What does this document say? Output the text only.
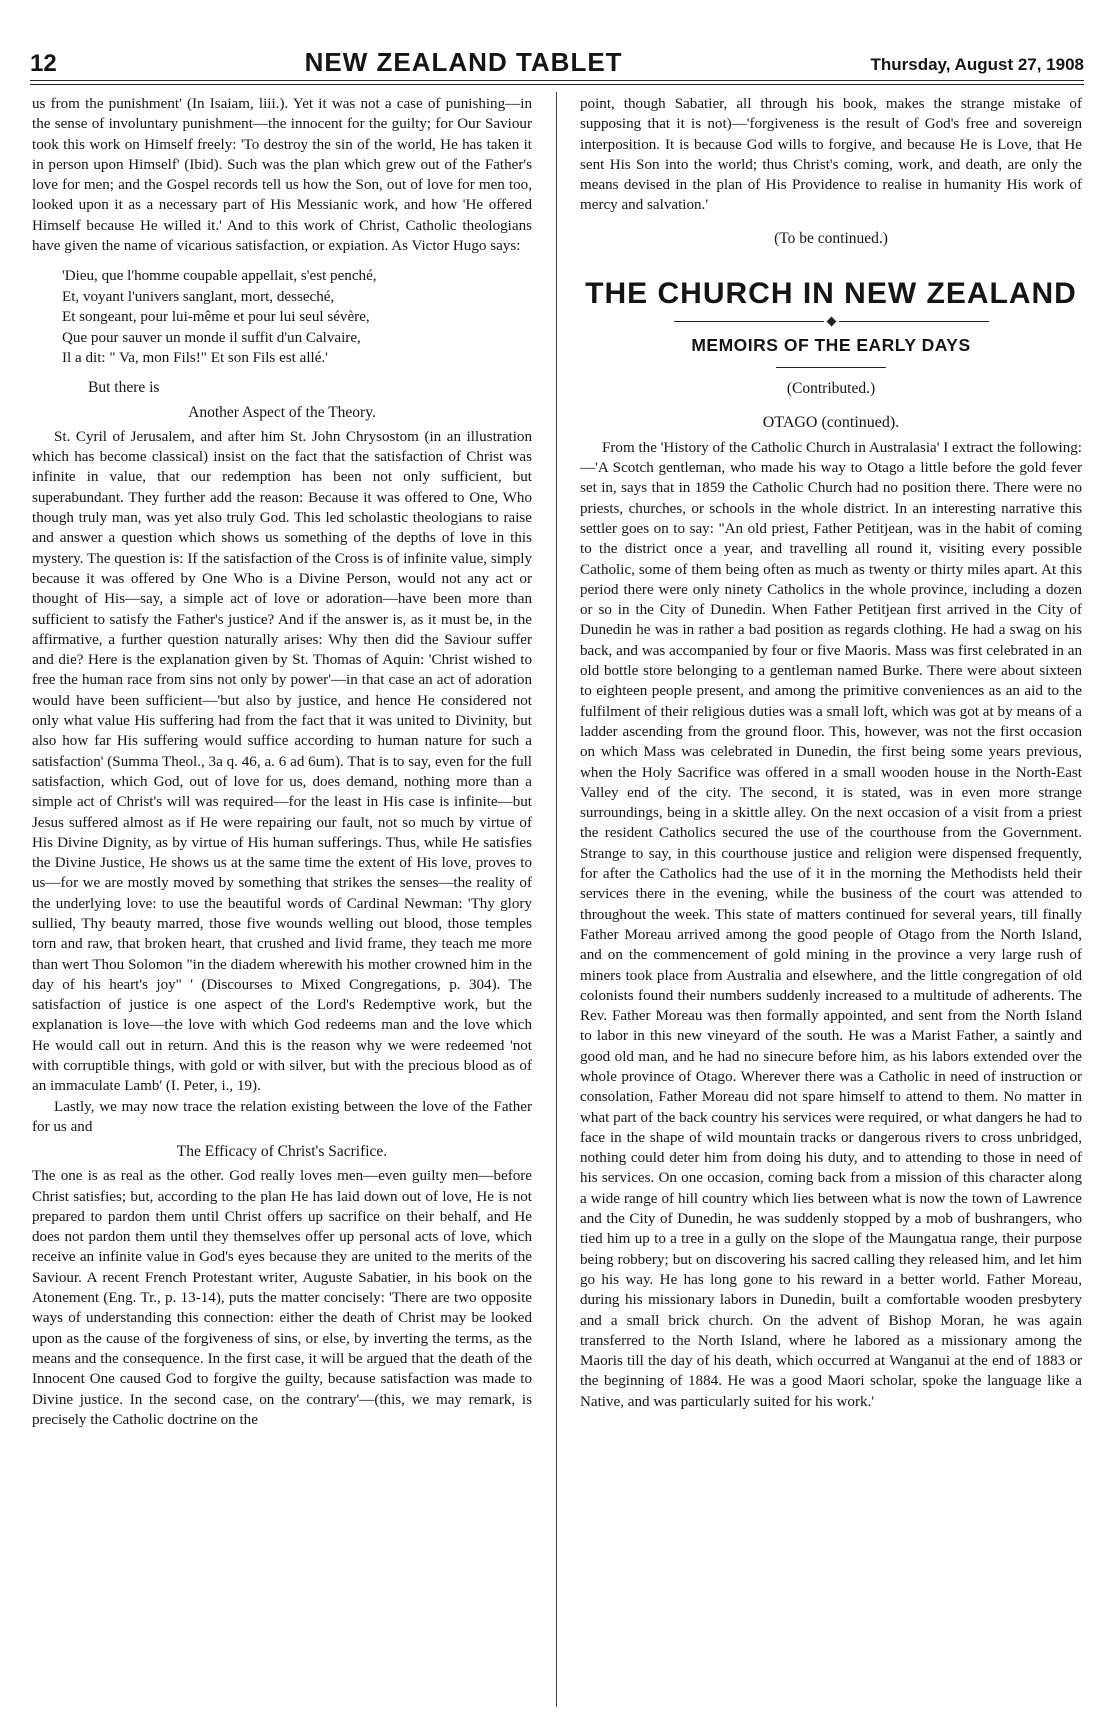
12	NEW ZEALAND TABLET	Thursday, August 27, 1908

us from the punishment' (In Isaiam, liii.). Yet it was not a case of punishing—in the sense of involuntary punishment—the innocent for the guilty; for Our Saviour took this work on Himself freely: 'To destroy the sin of the world, He has taken it in person upon Himself' (Ibid). Such was the plan which grew out of the Father's love for men; and the Gospel records tell us how the Son, out of love for men too, looked upon it as a necessary part of His Messianic work, and how 'He offered Himself because He willed it.' And to this work of Christ, Catholic theologians have given the name of vicarious satisfaction, or expiation. As Victor Hugo says:

'Dieu, que l'homme coupable appellait, s'est penché,
Et, voyant l'univers sanglant, mort, desseché,
Et songeant, pour lui-même et pour lui seul sévère,
Que pour sauver un monde il suffit d'un Calvaire,
Il a dit: " Va, mon Fils!" Et son Fils est allé.'
But there is
Another Aspect of the Theory.

St. Cyril of Jerusalem, and after him St. John Chrysostom (in an illustration which has become classical) insist on the fact that the satisfaction of Christ was infinite in value, that our redemption has been not only sufficient, but superabundant. They further add the reason: Because it was offered to One, Who though truly man, was yet also truly God. This led scholastic theologians to raise and answer a question which shows us something of the depths of love in this mystery. The question is: If the satisfaction of the Cross is of infinite value, simply because it was offered by One Who is a Divine Person, would not any act or thought of His—say, a simple act of love or adoration—have been more than sufficient to satisfy the Father's justice? And if the answer is, as it must be, in the affirmative, a further question naturally arises: Why then did the Saviour suffer and die? Here is the explanation given by St. Thomas of Aquin: 'Christ wished to free the human race from sins not only by power'—in that case an act of adoration would have been sufficient—'but also by justice, and hence He considered not only what value His suffering had from the fact that it was united to Divinity, but also how far His suffering would suffice according to human nature for such a satisfaction' (Summa Theol., 3a q. 46, a. 6 ad 6um). That is to say, even for the full satisfaction, which God, out of love for us, does demand, nothing more than a simple act of Christ's will was required—for the least in His case is infinite—but Jesus suffered almost as if He were repairing our fault, not so much by virtue of His Divine Dignity, as by virtue of His human sufferings. Thus, while He satisfies the Divine Justice, He shows us at the same time the extent of His love, proves to us—for we are mostly moved by something that strikes the senses—the reality of the underlying love: to use the beautiful words of Cardinal Newman: 'Thy glory sullied, Thy beauty marred, those five wounds welling out blood, those temples torn and raw, that broken heart, that crushed and livid frame, they teach me more than wert Thou Solomon "in the diadem wherewith his mother crowned him in the day of his heart's joy" ' (Discourses to Mixed Congregations, p. 304). The satisfaction of justice is one aspect of the Lord's Redemptive work, but the explanation is love—the love with which God redeems man and the love which He would call out in return. And this is the reason why we were redeemed 'not with corruptible things, with gold or with silver, but with the precious blood as of an immaculate Lamb' (I. Peter, i., 19).

Lastly, we may now trace the relation existing between the love of the Father for us and

The Efficacy of Christ's Sacrifice.

The one is as real as the other. God really loves men—even guilty men—before Christ satisfies; but, according to the plan He has laid down out of love, He is not prepared to pardon them until Christ offers up sacrifice on their behalf, and He does not pardon them until they themselves offer up personal acts of love, which receive an infinite value in God's eyes because they are united to the merits of the Saviour. A recent French Protestant writer, Auguste Sabatier, in his book on the Atonement (Eng. Tr., p. 13-14), puts the matter concisely: 'There are two opposite ways of understanding this connection: either the death of Christ may be looked upon as the cause of the forgiveness of sins, or else, by inverting the terms, as the means and the consequence. In the first case, it will be argued that the death of the Innocent One caused God to forgive the guilty, because satisfaction was made to Divine justice. In the second case, on the contrary'—(this, we may remark, is precisely the Catholic doctrine on the

point, though Sabatier, all through his book, makes the strange mistake of supposing that it is not)—'forgiveness is the result of God's free and sovereign interposition. It is because God wills to forgive, and because He is Love, that He sent His Son into the world; thus Christ's coming, work, and death, are only the means devised in the plan of His Providence to realise in humanity His work of mercy and salvation.'

(To be continued.)
THE CHURCH IN NEW ZEALAND
MEMOIRS OF THE EARLY DAYS
(Contributed.)
OTAGO (continued).

From the 'History of the Catholic Church in Australasia' I extract the following:—'A Scotch gentleman, who made his way to Otago a little before the gold fever set in, says that in 1859 the Catholic Church had no position there. There were no priests, churches, or schools in the whole district. In an interesting narrative this settler goes on to say: "An old priest, Father Petitjean, was in the habit of coming to the district once a year, and travelling all round it, visiting every possible Catholic, some of them being often as much as twenty or thirty miles apart. At this period there were only ninety Catholics in the whole province, including a dozen or so in the City of Dunedin. When Father Petitjean first arrived in the City of Dunedin he was in rather a bad position as regards clothing. He had a swag on his back, and was accompanied by four or five Maoris. Mass was first celebrated in an old bottle store belonging to a gentleman named Burke. There were about sixteen to eighteen people present, and among the primitive conveniences as an aid to the fulfilment of their religious duties was a small loft, which was got at by means of a ladder ascending from the ground floor. This, however, was not the first occasion on which Mass was celebrated in Dunedin, the first being some years previous, when the Holy Sacrifice was offered in a small wooden house in the North-East Valley end of the city. The second, it is stated, was in even more strange surroundings, being in a skittle alley. On the next occasion of a visit from a priest the resident Catholics secured the use of the courthouse from the Government. Strange to say, in this courthouse justice and religion were dispensed frequently, for after the Catholics had the use of it in the morning the Methodists held their services there in the evening, while the business of the court was attended to throughout the week. This state of matters continued for several years, till finally Father Moreau arrived among the good people of Otago from the North Island, and on the commencement of gold mining in the province a very large rush of miners took place from Australia and elsewhere, and the little congregation of old colonists found their numbers suddenly increased to a multitude of adherents. The Rev. Father Moreau was then formally appointed, and sent from the North Island to labor in this new vineyard of the south. He was a Marist Father, a saintly and good old man, and he had no sinecure before him, as his labors extended over the whole province of Otago. Wherever there was a Catholic in need of instruction or consolation, Father Moreau did not spare himself to attend to them. No matter in what part of the back country his services were required, or what dangers he had to face in the shape of wild mountain tracks or dangerous rivers to cross unbridged, nothing could deter him from doing his duty, and to attending to those in need of his services. On one occasion, coming back from a mission of this character along a wide range of hill country which lies between what is now the town of Lawrence and the City of Dunedin, he was suddenly stopped by a mob of bushrangers, who tied him up to a tree in a gully on the slope of the Maungatua range, their purpose being robbery; but on discovering his sacred calling they released him, and let him go his way. He has long gone to his reward in a better world. Father Moreau, during his missionary labors in Dunedin, built a comfortable wooden presbytery and a small brick church. On the advent of Bishop Moran, he was again transferred to the North Island, where he labored as a missionary among the Maoris till the day of his death, which occurred at Wanganui at the end of 1883 or the beginning of 1884. He was a good Maori scholar, spoke the language like a Native, and was particularly suited for his work.'
